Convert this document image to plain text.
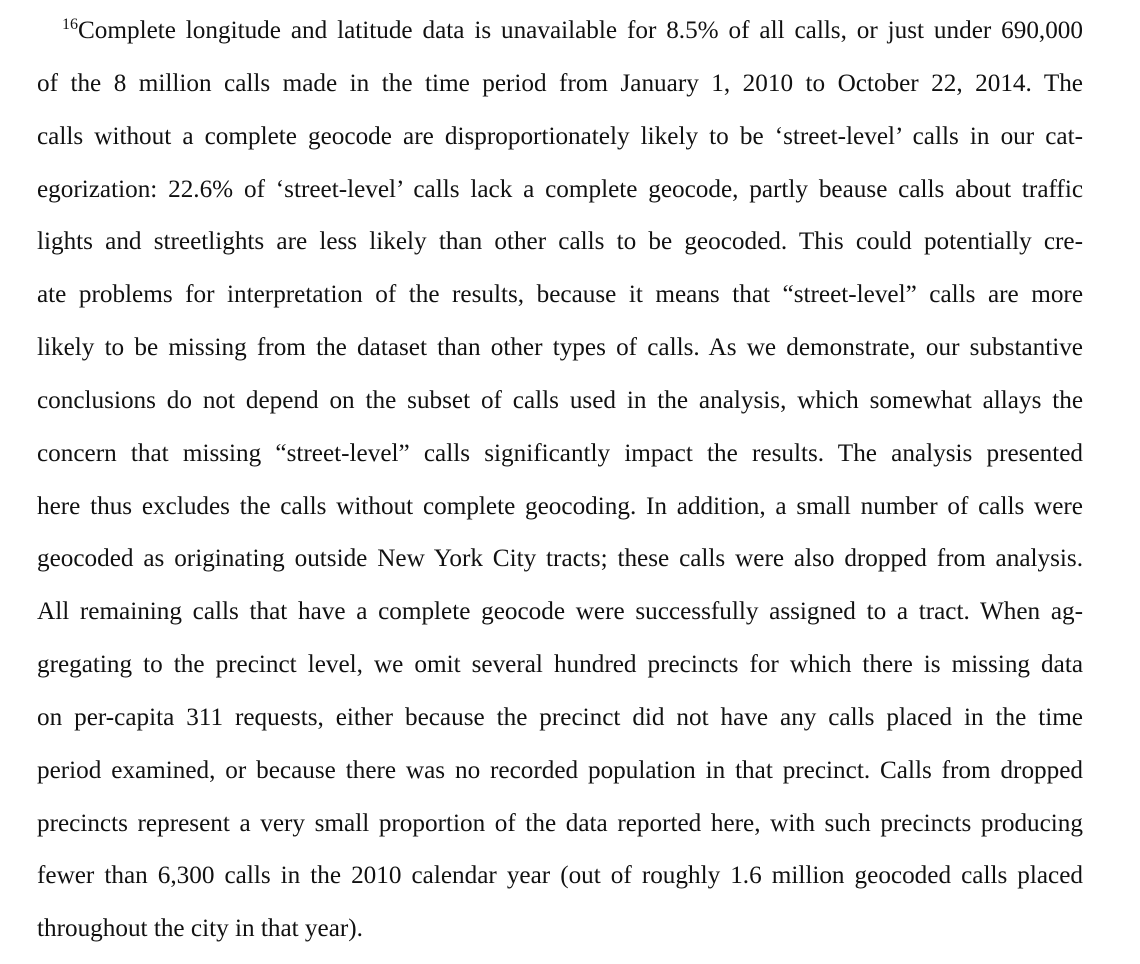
$^{16}$Complete longitude and latitude data is unavailable for 8.5% of all calls, or just under 690,000
of the 8 million calls made in the time period from January 1, 2010 to October 22, 2014. The
calls without a complete geocode are disproportionately likely to be ‘street-level’ calls in our cat-
egorization: 22.6% of ‘street-level’ calls lack a complete geocode, partly beause calls about traffic
lights and streetlights are less likely than other calls to be geocoded. This could potentially cre-
ate problems for interpretation of the results, because it means that “street-level” calls are more
likely to be missing from the dataset than other types of calls. As we demonstrate, our substantive
conclusions do not depend on the subset of calls used in the analysis, which somewhat allays the
concern that missing “street-level” calls significantly impact the results. The analysis presented
here thus excludes the calls without complete geocoding. In addition, a small number of calls were
geocoded as originating outside New York City tracts; these calls were also dropped from analysis.
All remaining calls that have a complete geocode were successfully assigned to a tract. When ag-
gregating to the precinct level, we omit several hundred precincts for which there is missing data
on per-capita 311 requests, either because the precinct did not have any calls placed in the time
period examined, or because there was no recorded population in that precinct. Calls from dropped
precincts represent a very small proportion of the data reported here, with such precincts producing
fewer than 6,300 calls in the 2010 calendar year (out of roughly 1.6 million geocoded calls placed
throughout the city in that year).
